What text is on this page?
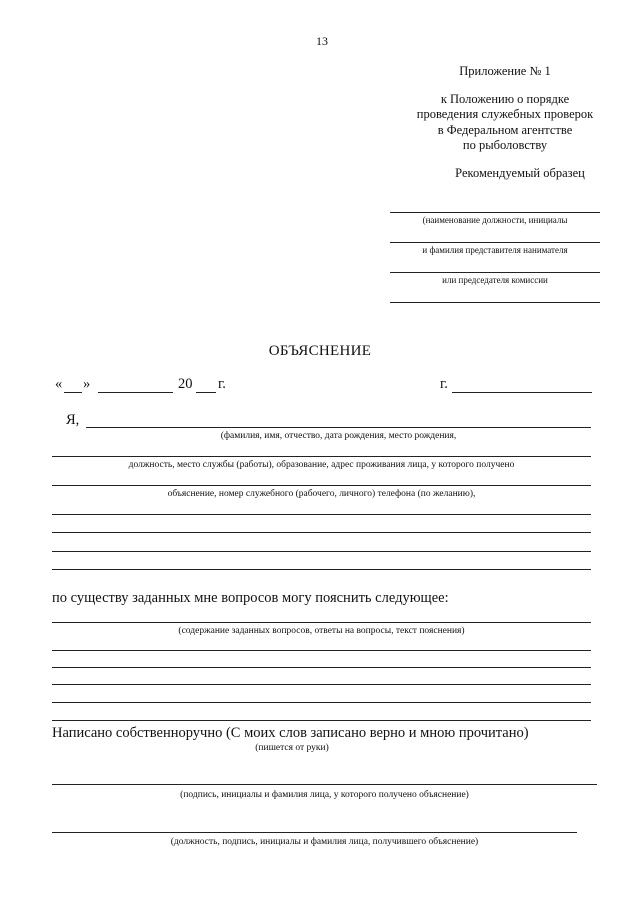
13
Приложение № 1
к Положению о порядке
проведения служебных проверок
в Федеральном агентстве
по рыболовству
Рекомендуемый образец
(наименование должности, инициалы
и фамилия представителя нанимателя
или председателя комиссии
ОБЪЯСНЕНИЕ
« »	20 г.	г.
Я,
(фамилия, имя, отчество, дата рождения, место рождения,
должность, место службы (работы), образование, адрес проживания лица, у которого получено
объяснение, номер служебного (рабочего, личного) телефона (по желанию),
по существу заданных мне вопросов могу пояснить следующее:
(содержание заданных вопросов, ответы на вопросы, текст пояснения)
Написано собственноручно (С моих слов записано верно и мною прочитано)
(пишется от руки)
(подпись, инициалы и фамилия лица, у которого получено объяснение)
(должность, подпись, инициалы и фамилия лица, получившего объяснение)
